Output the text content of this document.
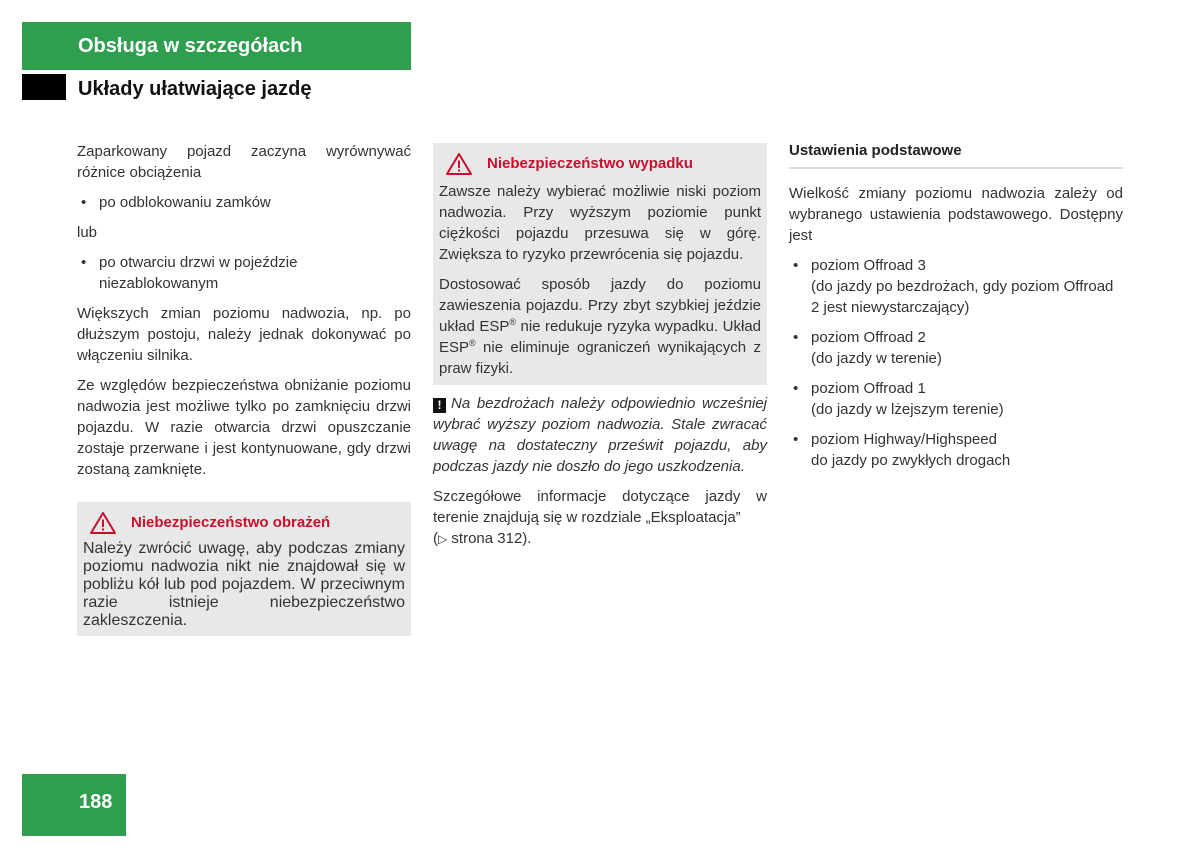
Obsługa w szczegółach
Układy ułatwiające jazdę

Zaparkowany pojazd zaczyna wyrównywać różnice obciążenia

• po odblokowaniu zamków

lub

• po otwarciu drzwi w pojeździe niezablokowanym

Większych zmian poziomu nadwozia, np. po dłuższym postoju, należy jednak dokonywać po włączeniu silnika.

Ze względów bezpieczeństwa obniżanie poziomu nadwozia jest możliwe tylko po zamknięciu drzwi pojazdu. W razie otwarcia drzwi opuszczanie zostaje przerwane i jest kontynuowane, gdy drzwi zostaną zamknięte.

Niebezpieczeństwo obrażeń

Należy zwrócić uwagę, aby podczas zmiany poziomu nadwozia nikt nie znajdował się w pobliżu kół lub pod pojazdem. W przeciwnym razie istnieje niebezpieczeństwo zakleszczenia.

Niebezpieczeństwo wypadku

Zawsze należy wybierać możliwie niski poziom nadwozia. Przy wyższym poziomie punkt ciężkości pojazdu przesuwa się w górę. Zwiększa to ryzyko przewrócenia się pojazdu.

Dostosować sposób jazdy do poziomu zawieszenia pojazdu. Przy zbyt szybkiej jeździe układ ESP® nie redukuje ryzyka wypadku. Układ ESP® nie eliminuje ograniczeń wynikających z praw fizyki.

! Na bezdrożach należy odpowiednio wcześniej wybrać wyższy poziom nadwozia. Stale zwracać uwagę na dostateczny prześwit pojazdu, aby podczas jazdy nie doszło do jego uszkodzenia.

Szczegółowe informacje dotyczące jazdy w terenie znajdują się w rozdziale „Eksploatacja”
(▷ strona 312).

Ustawienia podstawowe

Wielkość zmiany poziomu nadwozia zależy od wybranego ustawienia podstawowego. Dostępny jest

• poziom Offroad 3
(do jazdy po bezdrożach, gdy poziom Offroad 2 jest niewystarczający)
• poziom Offroad 2
(do jazdy w terenie)
• poziom Offroad 1
(do jazdy w lżejszym terenie)
• poziom Highway/Highspeed
do jazdy po zwykłych drogach
188
